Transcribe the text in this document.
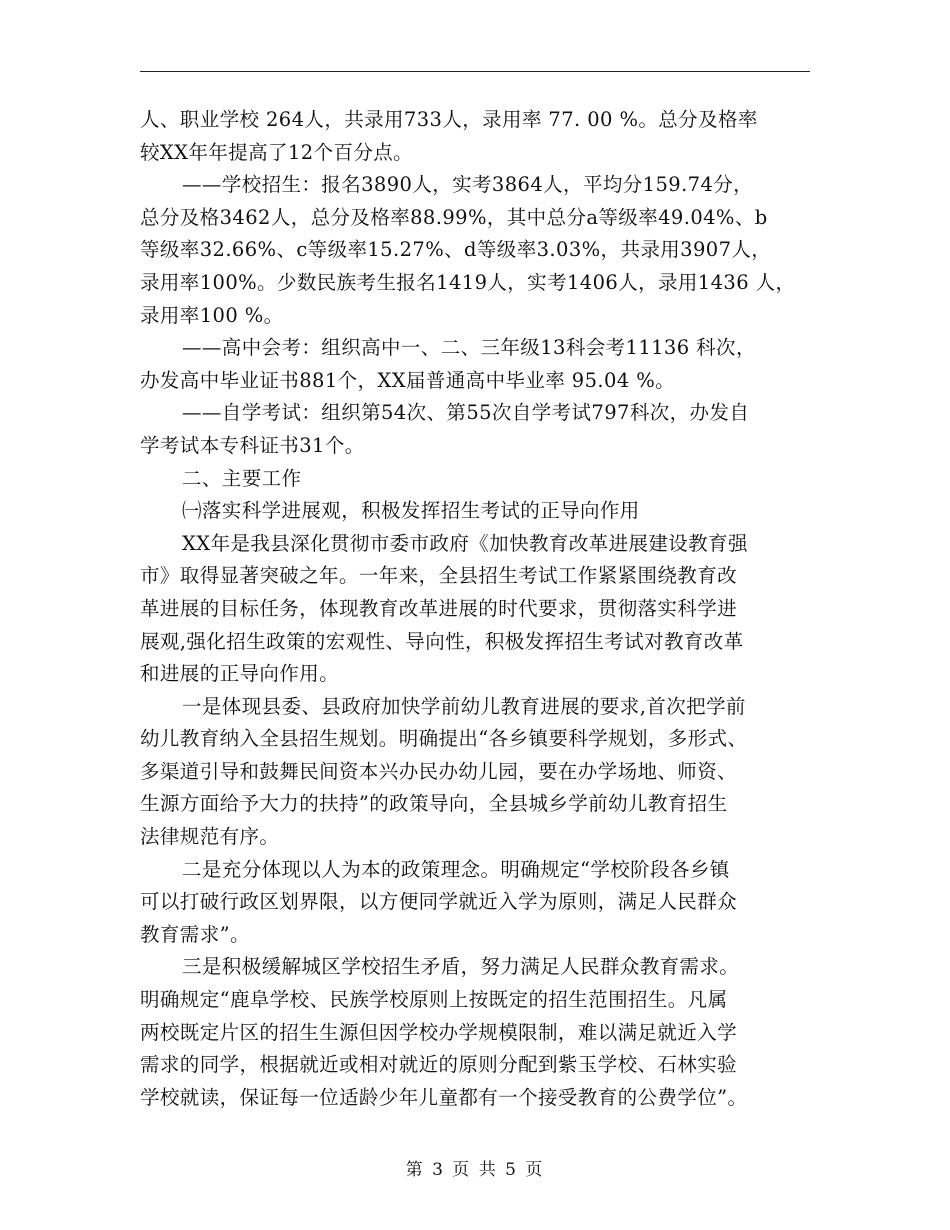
人、职业学校 264人，共录用733人，录用率 77. 00 %。总分及格率
较XX年年提高了12个百分点。
——学校招生：报名3890人，实考3864人，平均分159.74分，
总分及格3462人，总分及格率88.99%，其中总分a等级率49.04%、b
等级率32.66%、c等级率15.27%、d等级率3.03%，共录用3907人，
录用率100%。少数民族考生报名1419人，实考1406人，录用1436 人，
录用率100 %。
——高中会考：组织高中一、二、三年级13科会考11136 科次，
办发高中毕业证书881个，XX届普通高中毕业率 95.04 %。
——自学考试：组织第54次、第55次自学考试797科次，办发自
学考试本专科证书31个。
二、主要工作
㈠落实科学进展观，积极发挥招生考试的正导向作用
XX年是我县深化贯彻市委市政府《加快教育改革进展建设教育强
市》取得显著突破之年。一年来，全县招生考试工作紧紧围绕教育改
革进展的目标任务，体现教育改革进展的时代要求，贯彻落实科学进
展观,强化招生政策的宏观性、导向性，积极发挥招生考试对教育改革
和进展的正导向作用。
一是体现县委、县政府加快学前幼儿教育进展的要求,首次把学前
幼儿教育纳入全县招生规划。明确提出“各乡镇要科学规划，多形式、
多渠道引导和鼓舞民间资本兴办民办幼儿园，要在办学场地、师资、
生源方面给予大力的扶持”的政策导向，全县城乡学前幼儿教育招生
法律规范有序。
二是充分体现以人为本的政策理念。明确规定“学校阶段各乡镇
可以打破行政区划界限，以方便同学就近入学为原则，满足人民群众
教育需求”。
三是积极缓解城区学校招生矛盾，努力满足人民群众教育需求。
明确规定“鹿阜学校、民族学校原则上按既定的招生范围招生。凡属
两校既定片区的招生生源但因学校办学规模限制，难以满足就近入学
需求的同学，根据就近或相对就近的原则分配到紫玉学校、石林实验
学校就读，保证每一位适龄少年儿童都有一个接受教育的公费学位”。
第 3 页 共 5 页
